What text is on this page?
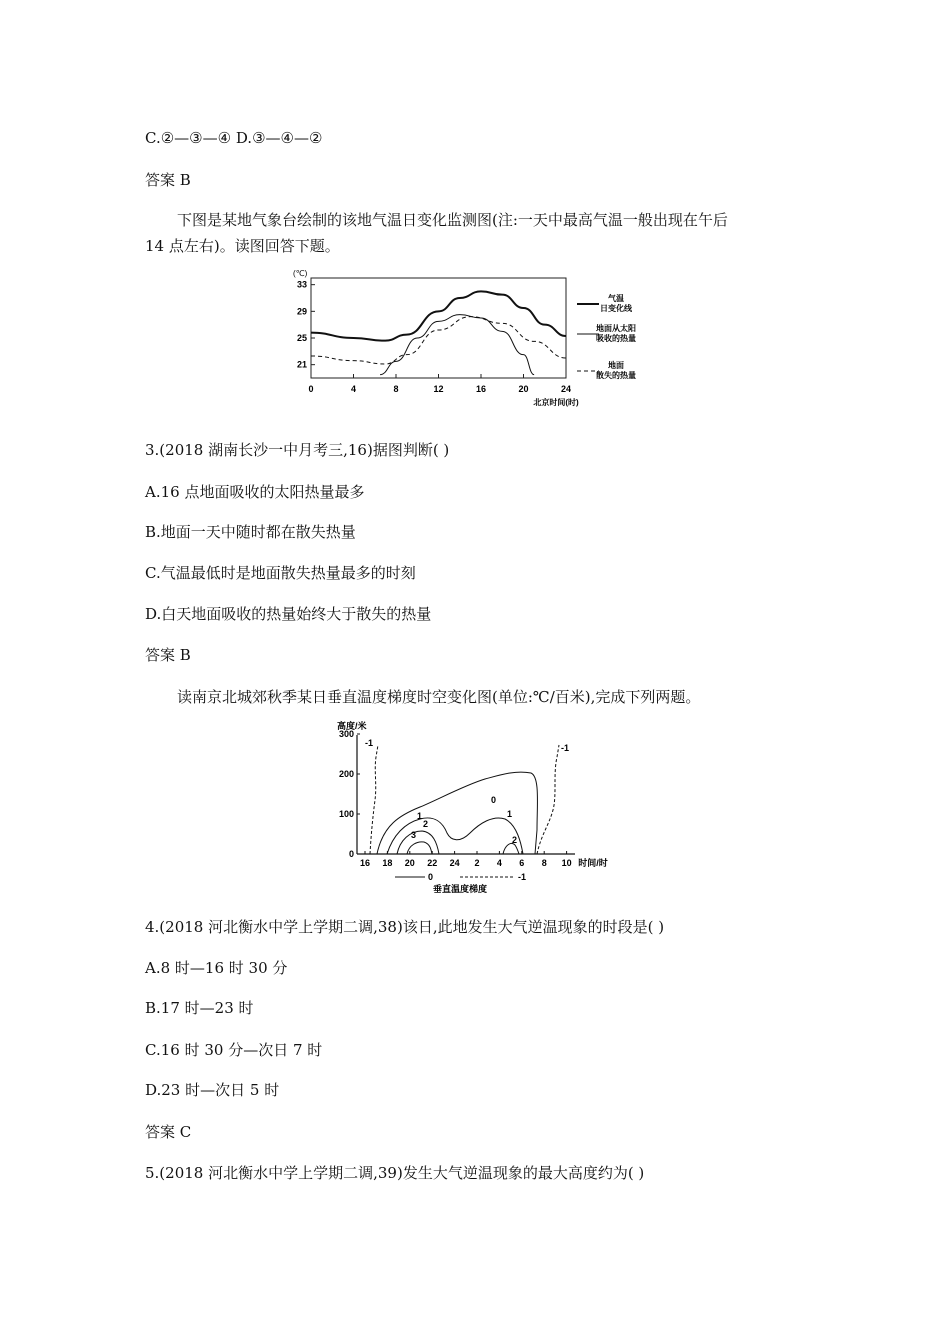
C.②—③—④ D.③—④—②
答案 B
下图是某地气象台绘制的该地气温日变化监测图(注:一天中最高气温一般出现在午后
14 点左右)。读图回答下题。
(℃)
21
25
29
33
0	4	8	12	16	20	24
北京时间(时)
气温
日变化线
地面从太阳
吸收的热量
地面
散失的热量
3.(2018 湖南长沙一中月考三,16)据图判断( )
A.16 点地面吸收的太阳热量最多
B.地面一天中随时都在散失热量
C.气温最低时是地面散失热量最多的时刻
D.白天地面吸收的热量始终大于散失的热量
答案 B
读南京北城郊秋季某日垂直温度梯度时空变化图(单位:℃/百米),完成下列两题。
高度/米
0
100
200
300
16 18 20 22 24 2 4 6 8 10 时间/时
-1
0
1
2
3
1
2
-1
0	-1
垂直温度梯度
4.(2018 河北衡水中学上学期二调,38)该日,此地发生大气逆温现象的时段是( )
A.8 时—16 时 30 分
B.17 时—23 时
C.16 时 30 分—次日 7 时
D.23 时—次日 5 时
答案 C
5.(2018 河北衡水中学上学期二调,39)发生大气逆温现象的最大高度约为( )
